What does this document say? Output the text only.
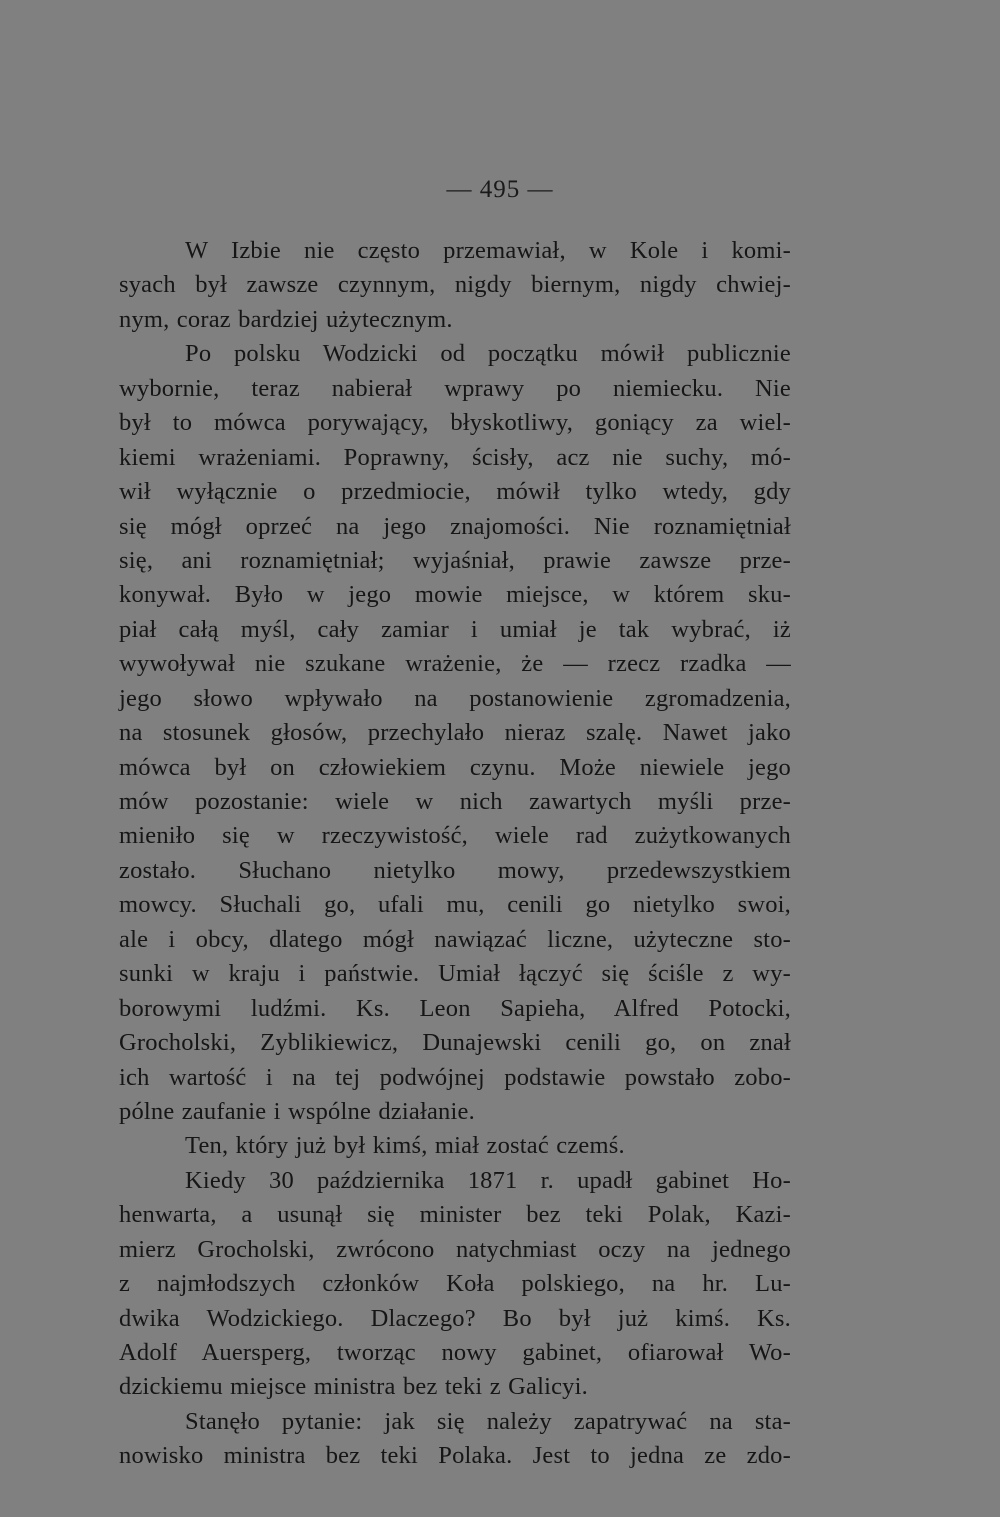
— 495 —
W Izbie nie często przemawiał, w Kole i komi-
syach był zawsze czynnym, nigdy biernym, nigdy chwiej-
nym, coraz bardziej użytecznym.
Po polsku Wodzicki od początku mówił publicznie
wybornie, teraz nabierał wprawy po niemiecku. Nie
był to mówca porywający, błyskotliwy, goniący za wiel-
kiemi wrażeniami. Poprawny, ścisły, acz nie suchy, mó-
wił wyłącznie o przedmiocie, mówił tylko wtedy, gdy
się mógł oprzeć na jego znajomości. Nie roznamiętniał
się, ani roznamiętniał; wyjaśniał, prawie zawsze prze-
konywał. Było w jego mowie miejsce, w którem sku-
piał całą myśl, cały zamiar i umiał je tak wybrać, iż
wywoływał nie szukane wrażenie, że — rzecz rzadka —
jego słowo wpływało na postanowienie zgromadzenia,
na stosunek głosów, przechylało nieraz szalę. Nawet jako
mówca był on człowiekiem czynu. Może niewiele jego
mów pozostanie: wiele w nich zawartych myśli prze-
mieniło się w rzeczywistość, wiele rad zużytkowanych
zostało. Słuchano nietylko mowy, przedewszystkiem
mowcy. Słuchali go, ufali mu, cenili go nietylko swoi,
ale i obcy, dlatego mógł nawiązać liczne, użyteczne sto-
sunki w kraju i państwie. Umiał łączyć się ściśle z wy-
borowymi ludźmi. Ks. Leon Sapieha, Alfred Potocki,
Grocholski, Zyblikiewicz, Dunajewski cenili go, on znał
ich wartość i na tej podwójnej podstawie powstało zobo-
pólne zaufanie i wspólne działanie.
Ten, który już był kimś, miał zostać czemś.
Kiedy 30 października 1871 r. upadł gabinet Ho-
henwarta, a usunął się minister bez teki Polak, Kazi-
mierz Grocholski, zwrócono natychmiast oczy na jednego
z najmłodszych członków Koła polskiego, na hr. Lu-
dwika Wodzickiego. Dlaczego? Bo był już kimś. Ks.
Adolf Auersperg, tworząc nowy gabinet, ofiarował Wo-
dzickiemu miejsce ministra bez teki z Galicyi.
Stanęło pytanie: jak się należy zapatrywać na sta-
nowisko ministra bez teki Polaka. Jest to jedna ze zdo-
